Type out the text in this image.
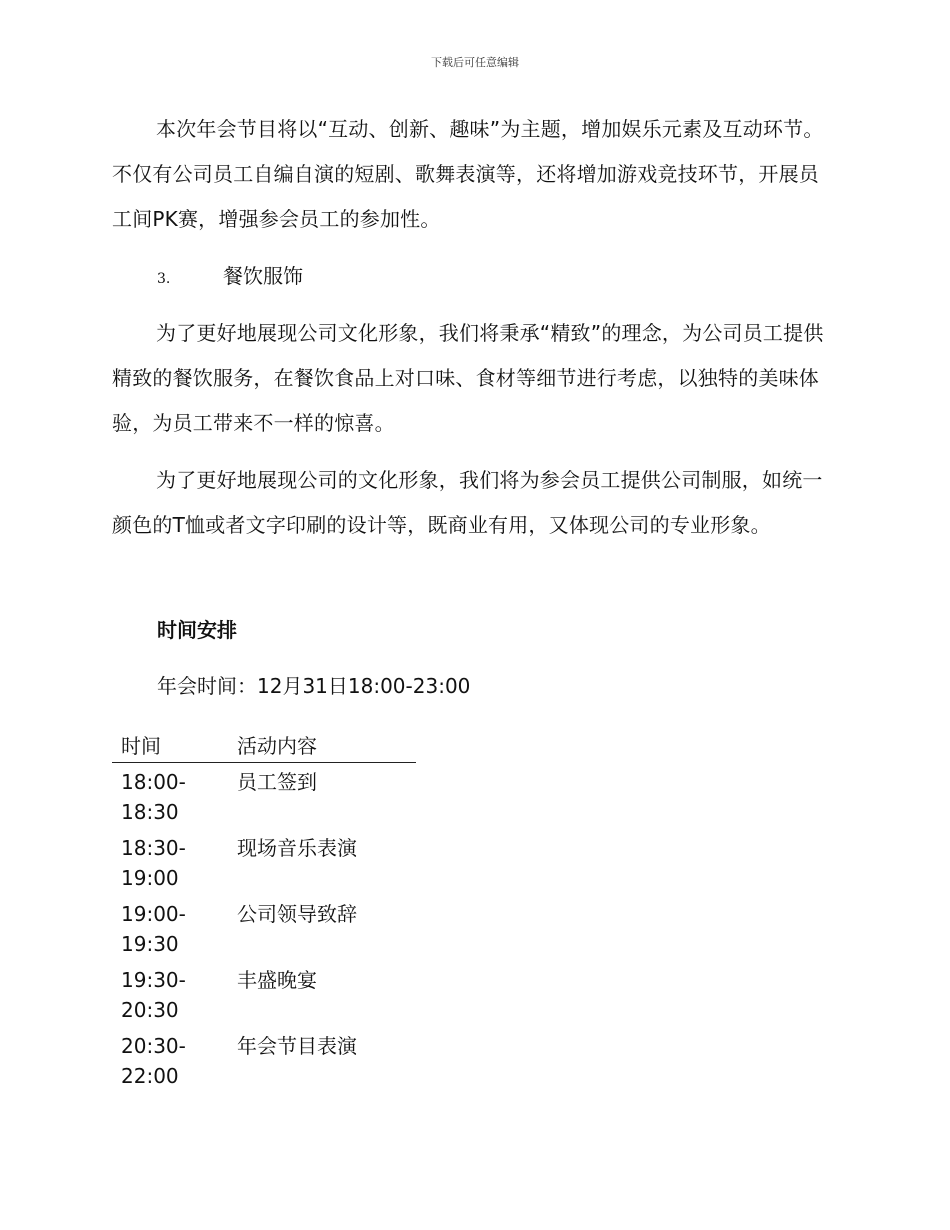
下载后可任意编辑

本次年会节目将以“互动、创新、趣味”为主题，增加娱乐元素及互动环节。不仅有公司员工自编自演的短剧、歌舞表演等，还将增加游戏竞技环节，开展员工间PK赛，增强参会员工的参加性。

3.	餐饮服饰

为了更好地展现公司文化形象，我们将秉承“精致”的理念，为公司员工提供精致的餐饮服务，在餐饮食品上对口味、食材等细节进行考虑，以独特的美味体验，为员工带来不一样的惊喜。

为了更好地展现公司的文化形象，我们将为参会员工提供公司制服，如统一颜色的T恤或者文字印刷的设计等，既商业有用，又体现公司的专业形象。

时间安排
年会时间：12月31日18:00-23:00
时间	活动内容
18:00-
18:30	员工签到
18:30-
19:00	现场音乐表演
19:00-
19:30	公司领导致辞
19:30-
20:30	丰盛晚宴
20:30-
22:00	年会节目表演
